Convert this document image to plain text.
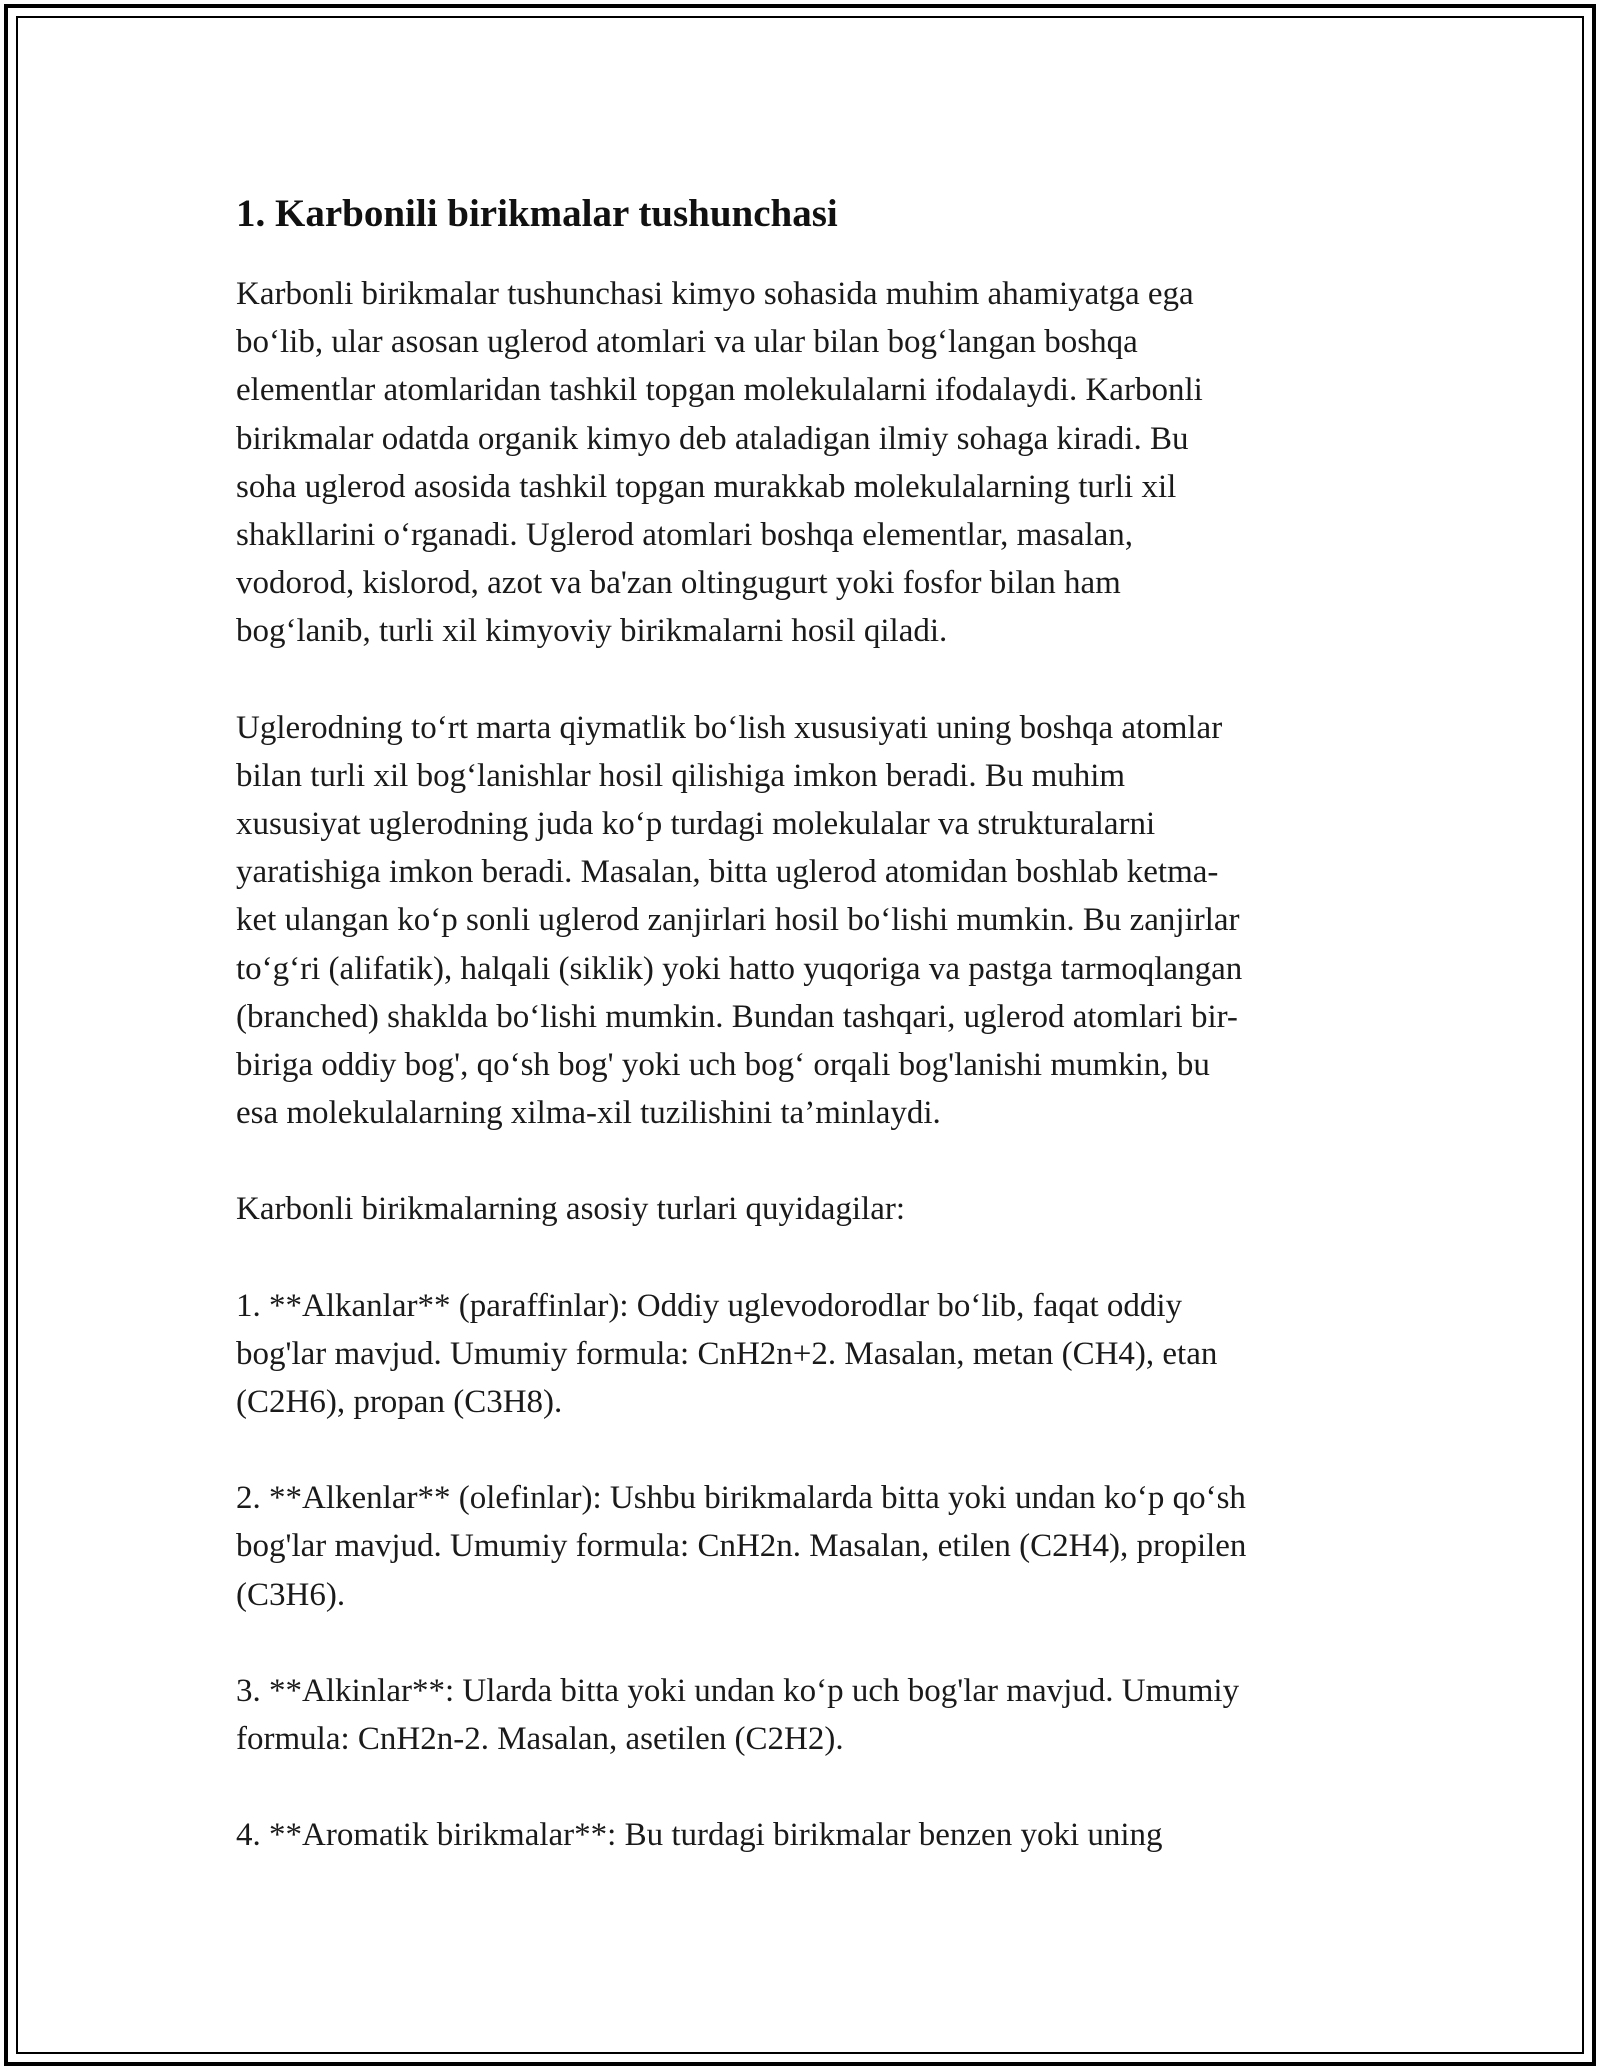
1. Karbonili birikmalar tushunchasi

Karbonli birikmalar tushunchasi kimyo sohasida muhim ahamiyatga ega
bo‘lib, ular asosan uglerod atomlari va ular bilan bog‘langan boshqa
elementlar atomlaridan tashkil topgan molekulalarni ifodalaydi. Karbonli
birikmalar odatda organik kimyo deb ataladigan ilmiy sohaga kiradi. Bu
soha uglerod asosida tashkil topgan murakkab molekulalarning turli xil
shakllarini o‘rganadi. Uglerod atomlari boshqa elementlar, masalan,
vodorod, kislorod, azot va ba'zan oltingugurt yoki fosfor bilan ham
bog‘lanib, turli xil kimyoviy birikmalarni hosil qiladi.

Uglerodning to‘rt marta qiymatlik bo‘lish xususiyati uning boshqa atomlar
bilan turli xil bog‘lanishlar hosil qilishiga imkon beradi. Bu muhim
xususiyat uglerodning juda ko‘p turdagi molekulalar va strukturalarni
yaratishiga imkon beradi. Masalan, bitta uglerod atomidan boshlab ketma-
ket ulangan ko‘p sonli uglerod zanjirlari hosil bo‘lishi mumkin. Bu zanjirlar
to‘g‘ri (alifatik), halqali (siklik) yoki hatto yuqoriga va pastga tarmoqlangan
(branched) shaklda bo‘lishi mumkin. Bundan tashqari, uglerod atomlari bir-
biriga oddiy bog', qo‘sh bog' yoki uch bog‘ orqali bog'lanishi mumkin, bu
esa molekulalarning xilma-xil tuzilishini ta’minlaydi.

Karbonli birikmalarning asosiy turlari quyidagilar:

1. **Alkanlar** (paraffinlar): Oddiy uglevodorodlar bo‘lib, faqat oddiy
bog'lar mavjud. Umumiy formula: CnH2n+2. Masalan, metan (CH4), etan
(C2H6), propan (C3H8).

2. **Alkenlar** (olefinlar): Ushbu birikmalarda bitta yoki undan ko‘p qo‘sh
bog'lar mavjud. Umumiy formula: CnH2n. Masalan, etilen (C2H4), propilen
(C3H6).

3. **Alkinlar**: Ularda bitta yoki undan ko‘p uch bog'lar mavjud. Umumiy
formula: CnH2n-2. Masalan, asetilen (C2H2).

4. **Aromatik birikmalar**: Bu turdagi birikmalar benzen yoki uning
